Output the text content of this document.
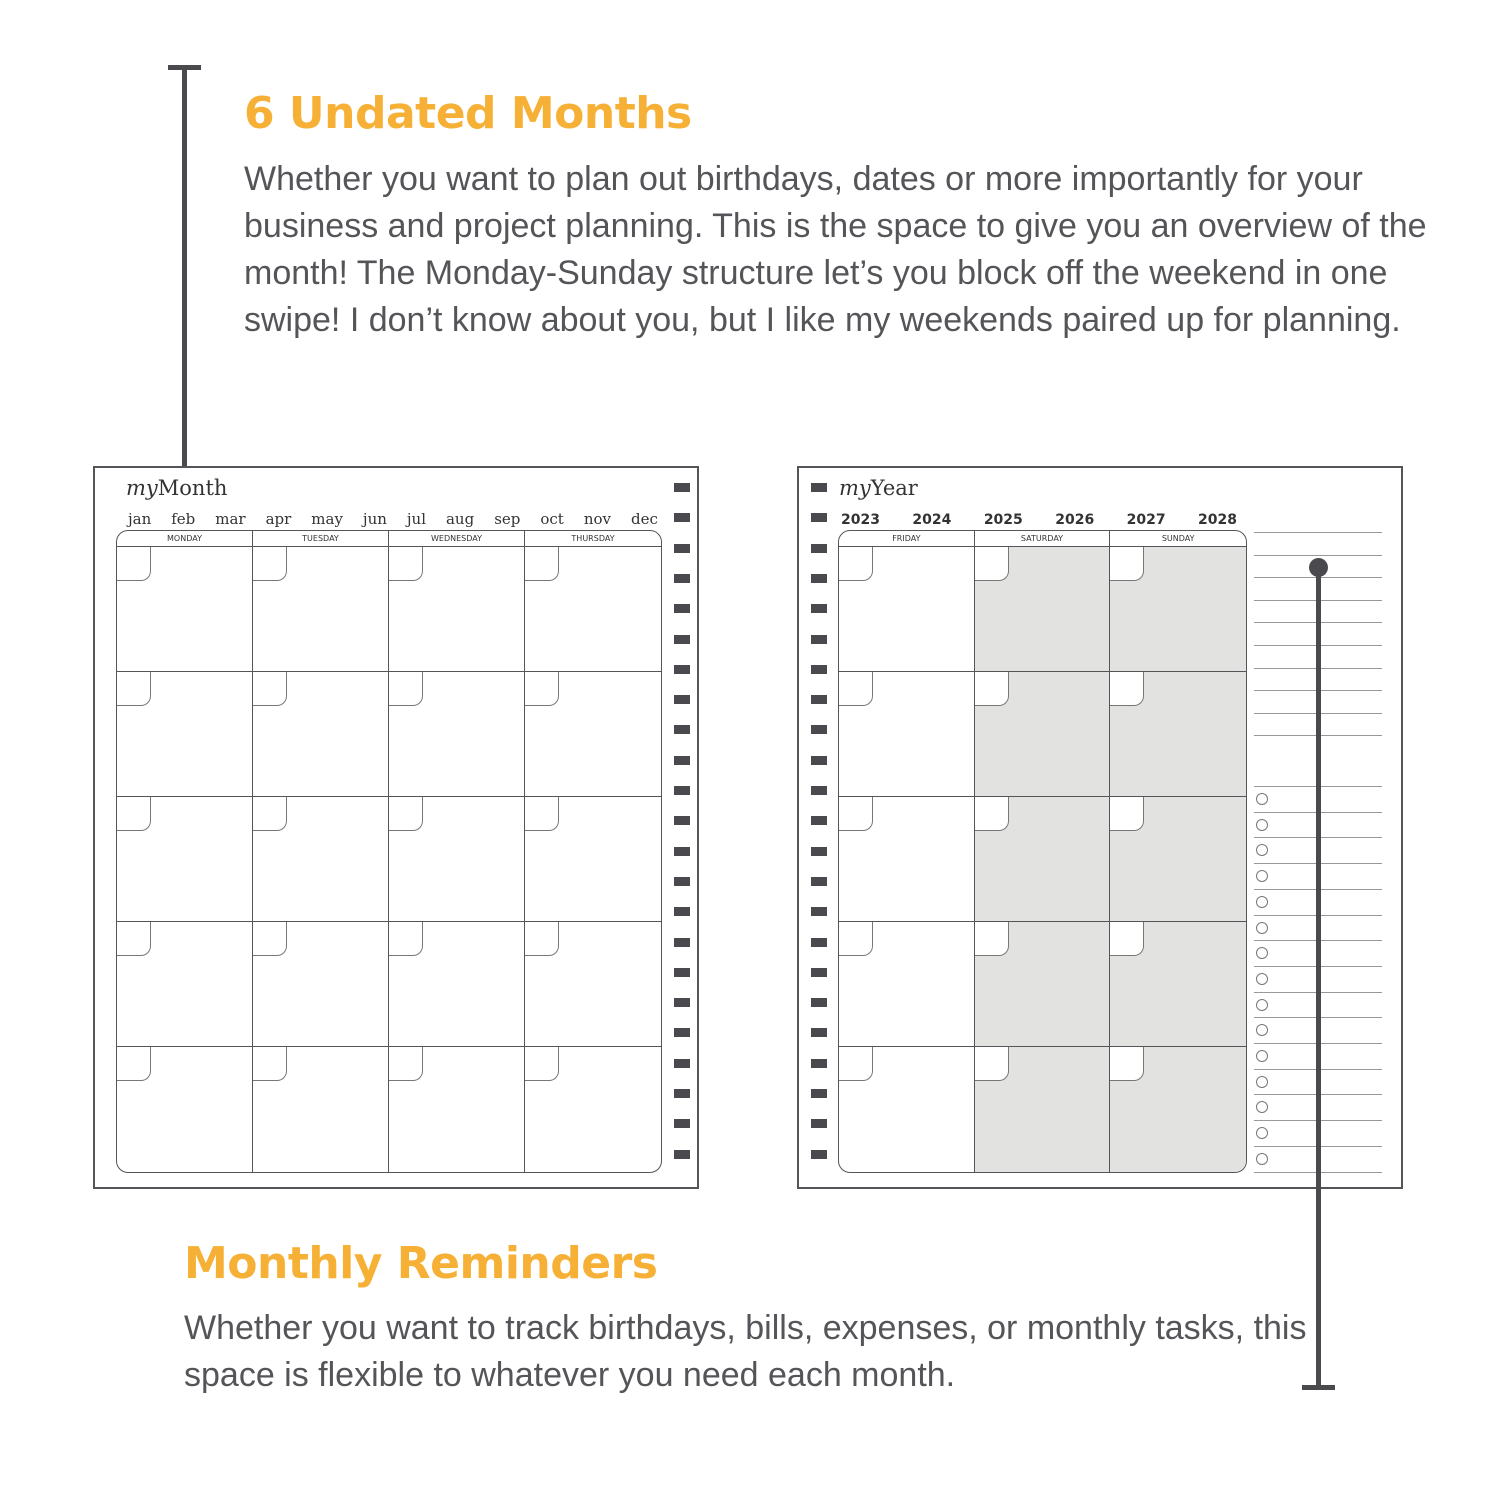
6 Undated Months

Whether you want to plan out birthdays, dates or more importantly for your business and project planning. This is the space to give you an overview of the month! The Monday-Sunday structure let’s you block off the weekend in one swipe! I don’t know about you, but I like my weekends paired up for planning.

myMonth
jan feb mar apr may jun jul aug sep oct nov dec
MONDAY	TUESDAY	WEDNESDAY	THURSDAY
myYear
2023 2024 2025 2026 2027 2028
FRIDAY	SATURDAY	SUNDAY
Monthly Reminders

Whether you want to track birthdays, bills, expenses, or monthly tasks, this space is flexible to whatever you need each month.
